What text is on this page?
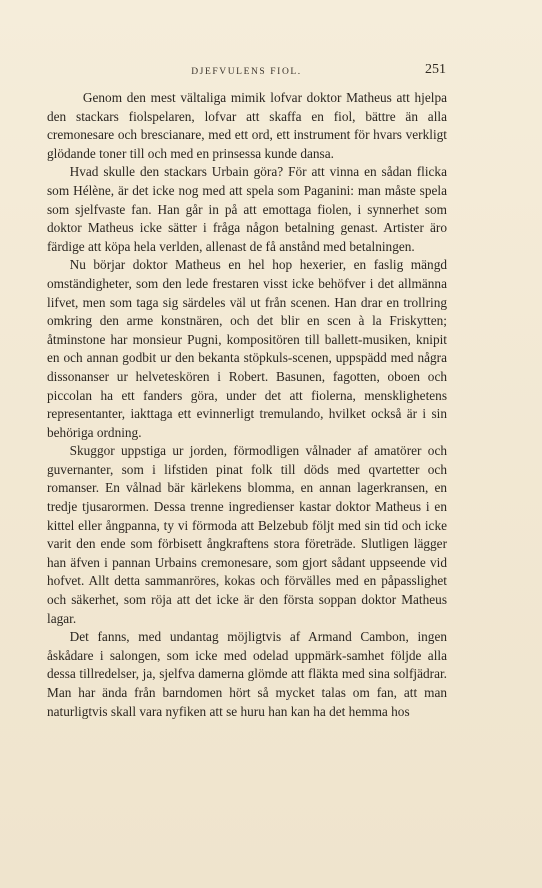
DJEFVULENS FIOL.	251

Genom den mest vältaliga mimik lofvar doktor Matheus att hjelpa den stackars fiolspelaren, lofvar att skaffa en fiol, bättre än alla cremonesare och brescianare, med ett ord, ett instrument för hvars verkligt glödande toner till och med en prinsessa kunde dansa.

Hvad skulle den stackars Urbain göra? För att vinna en sådan flicka som Hélène, är det icke nog med att spela som Paganini: man måste spela som sjelfvaste fan. Han går in på att emottaga fiolen, i synnerhet som doktor Matheus icke sätter i fråga någon betalning genast. Artister äro färdige att köpa hela verlden, allenast de få anstånd med betalningen.

Nu börjar doktor Matheus en hel hop hexerier, en faslig mängd omständigheter, som den lede frestaren visst icke behöfver i det allmänna lifvet, men som taga sig särdeles väl ut från scenen. Han drar en trollring omkring den arme konstnären, och det blir en scen à la Friskytten; åtminstone har monsieur Pugni, kompositören till ballett-musiken, knipit en och annan godbit ur den bekanta stöpkuls-scenen, uppspädd med några dissonanser ur helveteskören i Robert. Basunen, fagotten, oboen och piccolan ha ett fanders göra, under det att fiolerna, mensklighetens representanter, iakttaga ett evinnerligt tremulando, hvilket också är i sin behöriga ordning.

Skuggor uppstiga ur jorden, förmodligen vålnader af amatörer och guvernanter, som i lifstiden pinat folk till döds med qvartetter och romanser. En vålnad bär kärlekens blomma, en annan lagerkransen, en tredje tjusarormen. Dessa trenne ingredienser kastar doktor Matheus i en kittel eller ångpanna, ty vi förmoda att Belzebub följt med sin tid och icke varit den ende som förbisett ångkraftens stora företräde. Slutligen lägger han äfven i pannan Urbains cremonesare, som gjort sådant uppseende vid hofvet. Allt detta sammanröres, kokas och förvälles med en påpasslighet och säkerhet, som röja att det icke är den första soppan doktor Matheus lagar.

Det fanns, med undantag möjligtvis af Armand Cambon, ingen åskådare i salongen, som icke med odelad uppmärk-samhet följde alla dessa tillredelser, ja, sjelfva damerna glömde att fläkta med sina solfjädrar. Man har ända från barndomen hört så mycket talas om fan, att man naturligtvis skall vara nyfiken att se huru han kan ha det hemma hos
